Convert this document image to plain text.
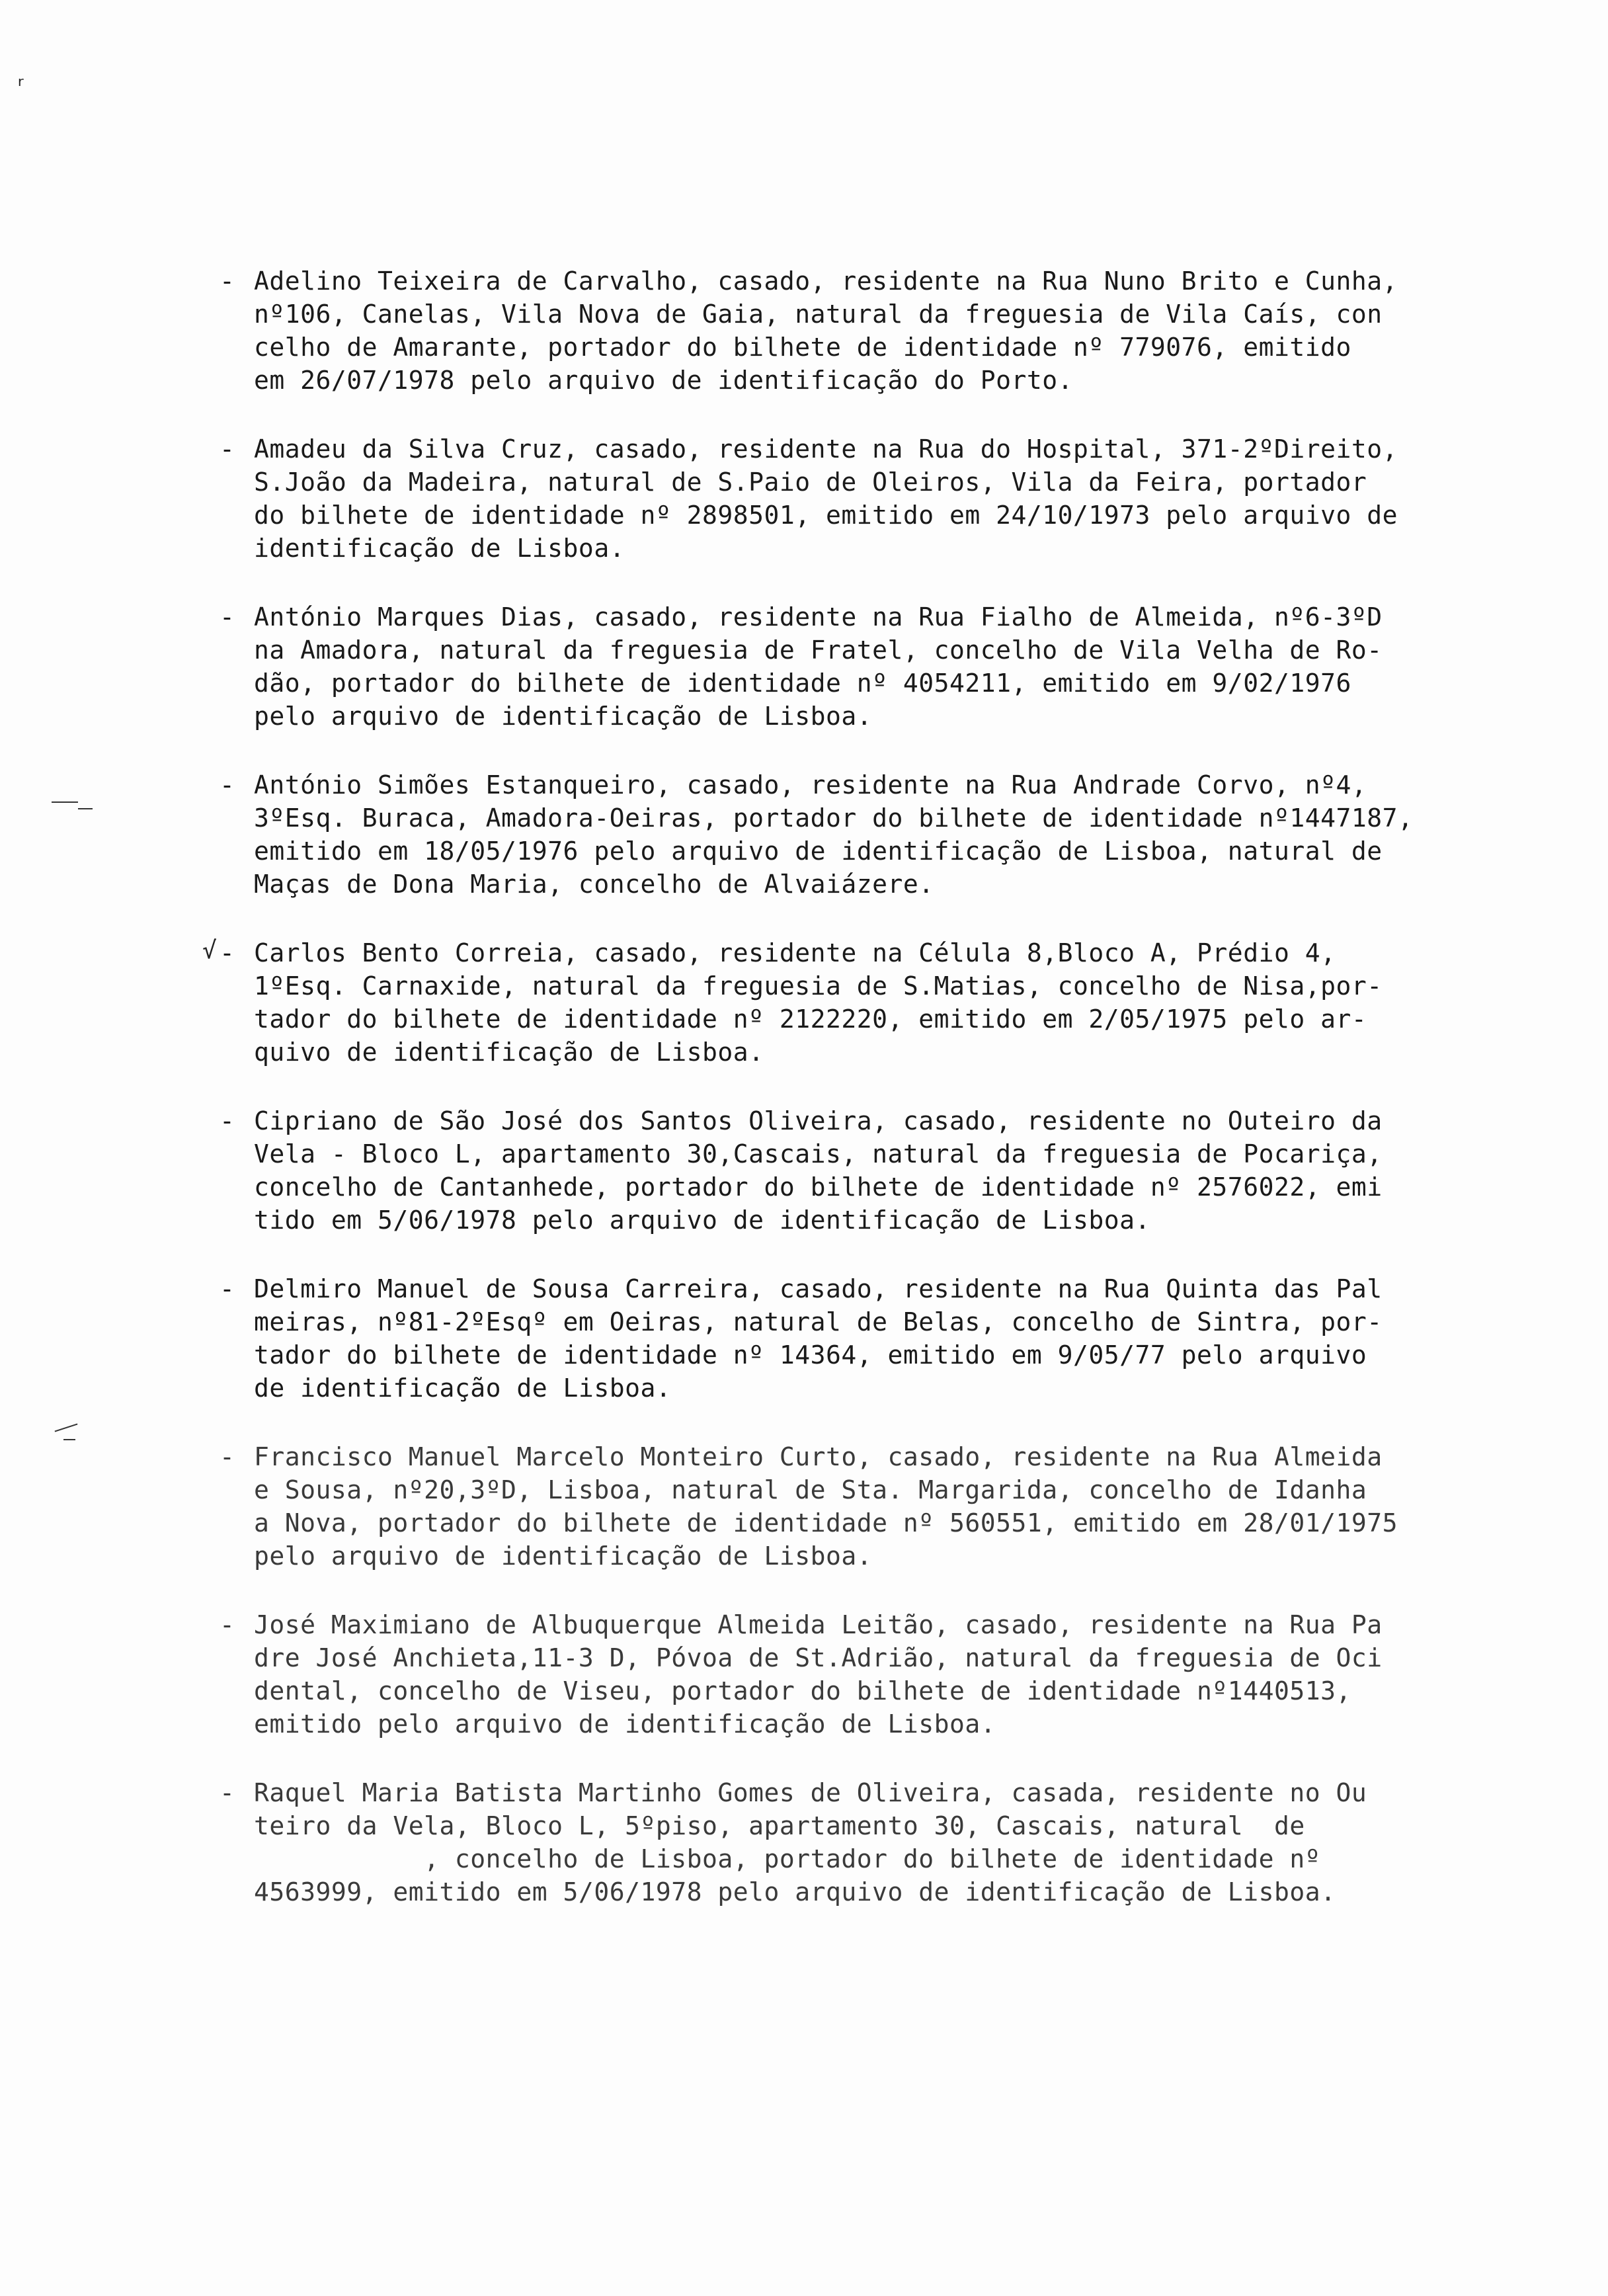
ʳ
√
- Adelino Teixeira de Carvalho, casado, residente na Rua Nuno Brito e Cunha,
nº106, Canelas, Vila Nova de Gaia, natural da freguesia de Vila Caís, con
celho de Amarante, portador do bilhete de identidade nº 779076, emitido
em 26/07/1978 pelo arquivo de identificação do Porto.
- Amadeu da Silva Cruz, casado, residente na Rua do Hospital, 371-2ºDireito,
S.João da Madeira, natural de S.Paio de Oleiros, Vila da Feira, portador
do bilhete de identidade nº 2898501, emitido em 24/10/1973 pelo arquivo de
identificação de Lisboa.
- António Marques Dias, casado, residente na Rua Fialho de Almeida, nº6-3ºD
na Amadora, natural da freguesia de Fratel, concelho de Vila Velha de Ro-
dão, portador do bilhete de identidade nº 4054211, emitido em 9/02/1976
pelo arquivo de identificação de Lisboa.
- António Simões Estanqueiro, casado, residente na Rua Andrade Corvo, nº4,
3ºEsq. Buraca, Amadora-Oeiras, portador do bilhete de identidade nº1447187,
emitido em 18/05/1976 pelo arquivo de identificação de Lisboa, natural de
Maças de Dona Maria, concelho de Alvaiázere.
- Carlos Bento Correia, casado, residente na Célula 8,Bloco A, Prédio 4,
1ºEsq. Carnaxide, natural da freguesia de S.Matias, concelho de Nisa,por-
tador do bilhete de identidade nº 2122220, emitido em 2/05/1975 pelo ar-
quivo de identificação de Lisboa.
- Cipriano de São José dos Santos Oliveira, casado, residente no Outeiro da
Vela - Bloco L, apartamento 30,Cascais, natural da freguesia de Pocariça,
concelho de Cantanhede, portador do bilhete de identidade nº 2576022, emi
tido em 5/06/1978 pelo arquivo de identificação de Lisboa.
- Delmiro Manuel de Sousa Carreira, casado, residente na Rua Quinta das Pal
meiras, nº81-2ºEsqº em Oeiras, natural de Belas, concelho de Sintra, por-
tador do bilhete de identidade nº 14364, emitido em 9/05/77 pelo arquivo
de identificação de Lisboa.
- Francisco Manuel Marcelo Monteiro Curto, casado, residente na Rua Almeida
e Sousa, nº20,3ºD, Lisboa, natural de Sta. Margarida, concelho de Idanha
a Nova, portador do bilhete de identidade nº 560551, emitido em 28/01/1975
pelo arquivo de identificação de Lisboa.
- José Maximiano de Albuquerque Almeida Leitão, casado, residente na Rua Pa
dre José Anchieta,11-3 D, Póvoa de St.Adrião, natural da freguesia de Oci
dental, concelho de Viseu, portador do bilhete de identidade nº1440513,
emitido pelo arquivo de identificação de Lisboa.
- Raquel Maria Batista Martinho Gomes de Oliveira, casada, residente no Ou
teiro da Vela, Bloco L, 5ºpiso, apartamento 30, Cascais, natural  de
, concelho de Lisboa, portador do bilhete de identidade nº
4563999, emitido em 5/06/1978 pelo arquivo de identificação de Lisboa.
